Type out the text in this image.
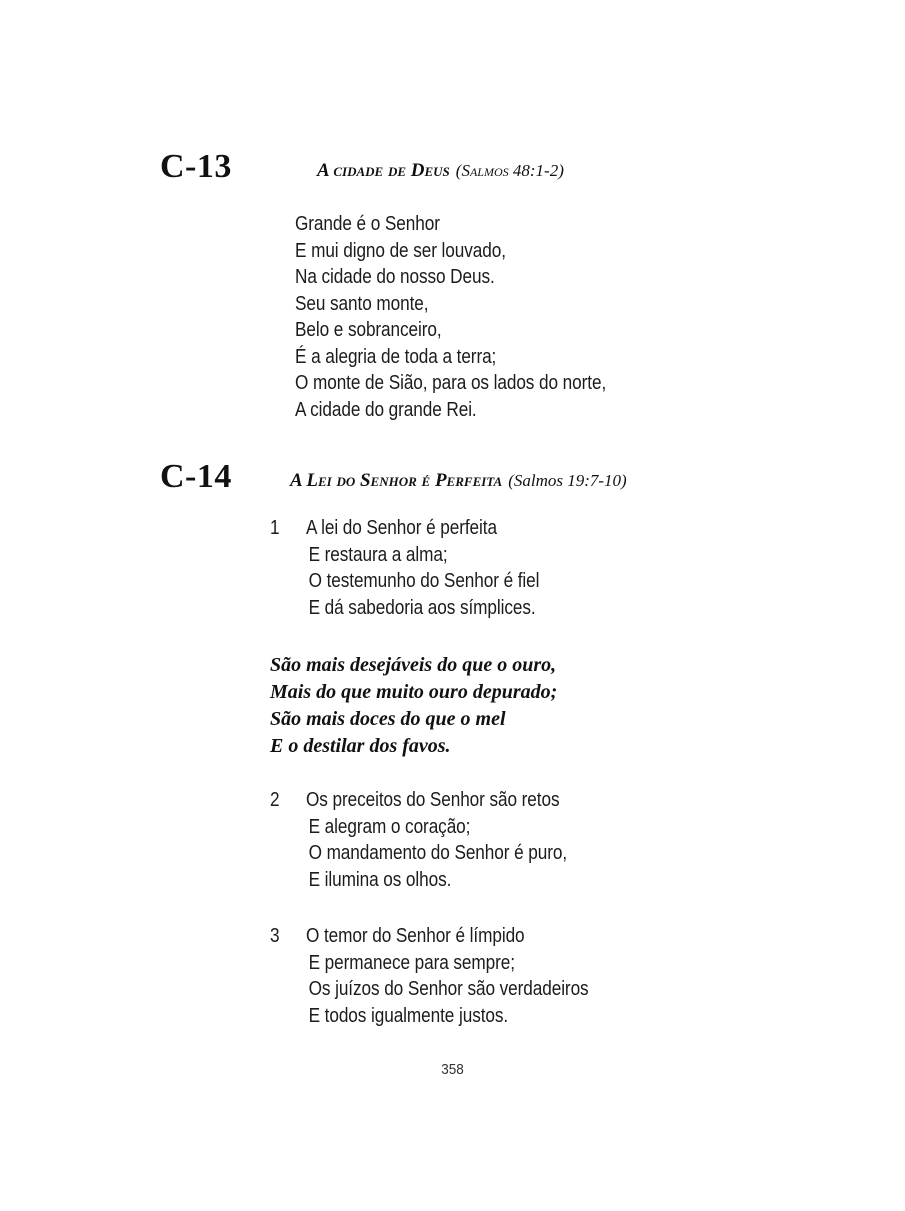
C-13	A cidade de Deus (Salmos 48:1-2)
Grande é o Senhor
E mui digno de ser louvado,
Na cidade do nosso Deus.
Seu santo monte,
Belo e sobranceiro,
É a alegria de toda a terra;
O monte de Sião, para os lados do norte,
A cidade do grande Rei.
C-14	A Lei do Senhor é Perfeita (Salmos 19:7-10)
1 A lei do Senhor é perfeita
E restaura a alma;
O testemunho do Senhor é fiel
E dá sabedoria aos símplices.
São mais desejáveis do que o ouro,
Mais do que muito ouro depurado;
São mais doces do que o mel
E o destilar dos favos.
2 Os preceitos do Senhor são retos
E alegram o coração;
O mandamento do Senhor é puro,
E ilumina os olhos.
3 O temor do Senhor é límpido
E permanece para sempre;
Os juízos do Senhor são verdadeiros
E todos igualmente justos.
358
